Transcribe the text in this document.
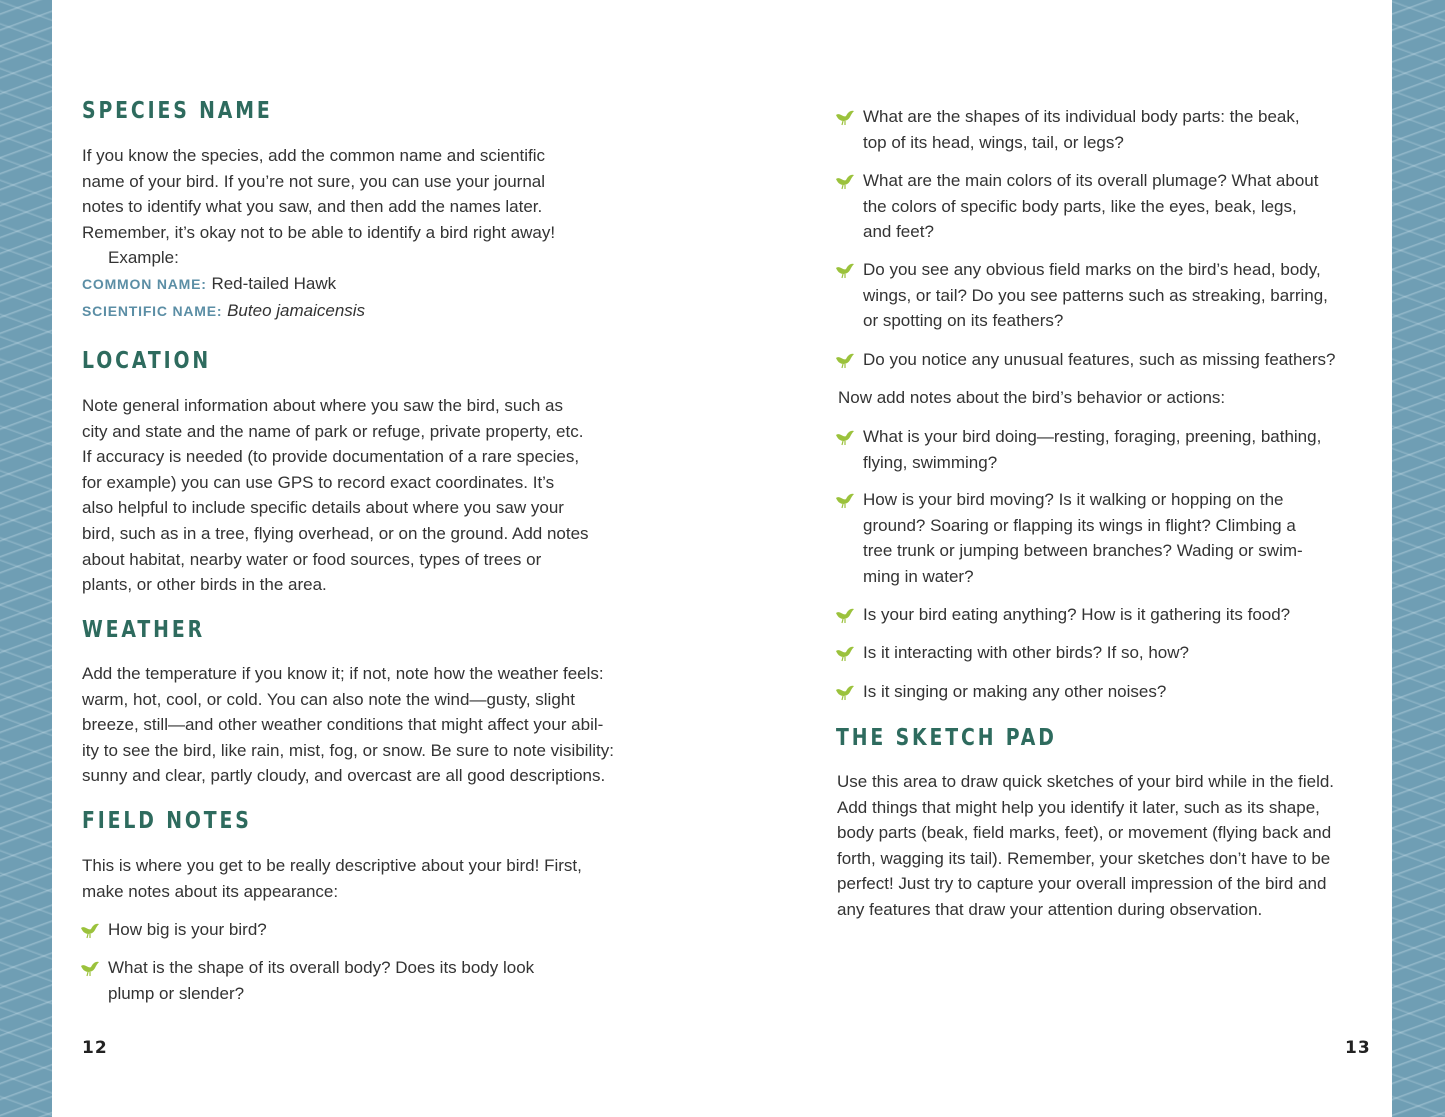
SPECIES NAME

If you know the species, add the common name and scientific
name of your bird. If you’re not sure, you can use your journal
notes to identify what you saw, and then add the names later.
Remember, it’s okay not to be able to identify a bird right away!
Example:
COMMON NAME: Red-tailed Hawk
SCIENTIFIC NAME: Buteo jamaicensis

LOCATION

Note general information about where you saw the bird, such as
city and state and the name of park or refuge, private property, etc.
If accuracy is needed (to provide documentation of a rare species,
for example) you can use GPS to record exact coordinates. It’s
also helpful to include specific details about where you saw your
bird, such as in a tree, flying overhead, or on the ground. Add notes
about habitat, nearby water or food sources, types of trees or
plants, or other birds in the area.

WEATHER

Add the temperature if you know it; if not, note how the weather feels:
warm, hot, cool, or cold. You can also note the wind—gusty, slight
breeze, still—and other weather conditions that might affect your abil-
ity to see the bird, like rain, mist, fog, or snow. Be sure to note visibility:
sunny and clear, partly cloudy, and overcast are all good descriptions.

FIELD NOTES

This is where you get to be really descriptive about your bird! First,
make notes about its appearance:

How big is your bird?
What is the shape of its overall body? Does its body look
plump or slender?
12
What are the shapes of its individual body parts: the beak,
top of its head, wings, tail, or legs?
What are the main colors of its overall plumage? What about
the colors of specific body parts, like the eyes, beak, legs,
and feet?
Do you see any obvious field marks on the bird’s head, body,
wings, or tail? Do you see patterns such as streaking, barring,
or spotting on its feathers?
Do you notice any unusual features, such as missing feathers?

Now add notes about the bird’s behavior or actions:

What is your bird doing—resting, foraging, preening, bathing,
flying, swimming?
How is your bird moving? Is it walking or hopping on the
ground? Soaring or flapping its wings in flight? Climbing a
tree trunk or jumping between branches? Wading or swim-
ming in water?
Is your bird eating anything? How is it gathering its food?
Is it interacting with other birds? If so, how?
Is it singing or making any other noises?
THE SKETCH PAD

Use this area to draw quick sketches of your bird while in the field.
Add things that might help you identify it later, such as its shape,
body parts (beak, field marks, feet), or movement (flying back and
forth, wagging its tail). Remember, your sketches don’t have to be
perfect! Just try to capture your overall impression of the bird and
any features that draw your attention during observation.

13
